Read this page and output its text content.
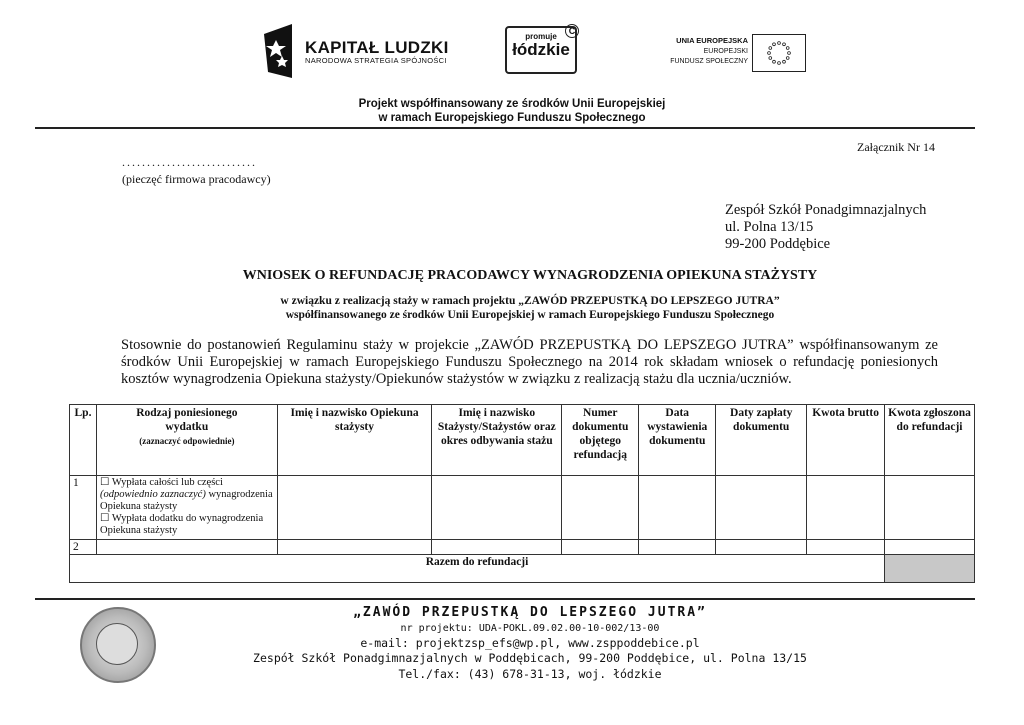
KAPITAŁ LUDZKI
NARODOWA STRATEGIA SPÓJNOŚCI
promuje
łódzkie
C
UNIA EUROPEJSKA
EUROPEJSKI
FUNDUSZ SPOŁECZNY
Projekt współfinansowany ze środków Unii Europejskiej
w ramach Europejskiego Funduszu Społecznego
Załącznik Nr 14
...........................
(pieczęć firmowa pracodawcy)
Zespół Szkół Ponadgimnazjalnych
ul. Polna 13/15
99-200 Poddębice
WNIOSEK O REFUNDACJĘ PRACODAWCY WYNAGRODZENIA OPIEKUNA STAŻYSTY
w związku z realizacją staży w ramach projektu „ZAWÓD PRZEPUSTKĄ DO LEPSZEGO JUTRA”
współfinansowanego ze środków Unii Europejskiej w ramach Europejskiego Funduszu Społecznego
Stosownie do postanowień Regulaminu staży w projekcie „ZAWÓD PRZEPUSTKĄ DO LEPSZEGO JUTRA” współfinansowanym ze środków Unii Europejskiej w ramach Europejskiego Funduszu Społecznego na 2014 rok składam wniosek o refundację poniesionych kosztów wynagrodzenia Opiekuna stażysty/Opiekunów stażystów w związku z realizacją stażu dla ucznia/uczniów.
Lp.	Rodzaj poniesionego
wydatku
(zaznaczyć odpowiednie)	Imię i nazwisko Opiekuna stażysty	Imię i nazwisko Stażysty/Stażystów oraz okres odbywania stażu	Numer dokumentu objętego refundacją	Data wystawienia dokumentu	Daty zapłaty dokumentu	Kwota brutto	Kwota zgłoszona do refundacji
1	☐ Wypłata całości lub części
(odpowiednio zaznaczyć) wynagrodzenia
Opiekuna stażysty
☐ Wypłata dodatku do wynagrodzenia
Opiekuna stażysty							

2								
Razem do refundacji								
„ZAWÓD PRZEPUSTKĄ DO LEPSZEGO JUTRA”
nr projektu: UDA-POKL.09.02.00-10-002/13-00
e-mail: projektzsp_efs@wp.pl, www.zsppoddebice.pl
Zespół Szkół Ponadgimnazjalnych w Poddębicach, 99-200 Poddębice, ul. Polna 13/15
Tel./fax: (43) 678-31-13, woj. łódzkie
